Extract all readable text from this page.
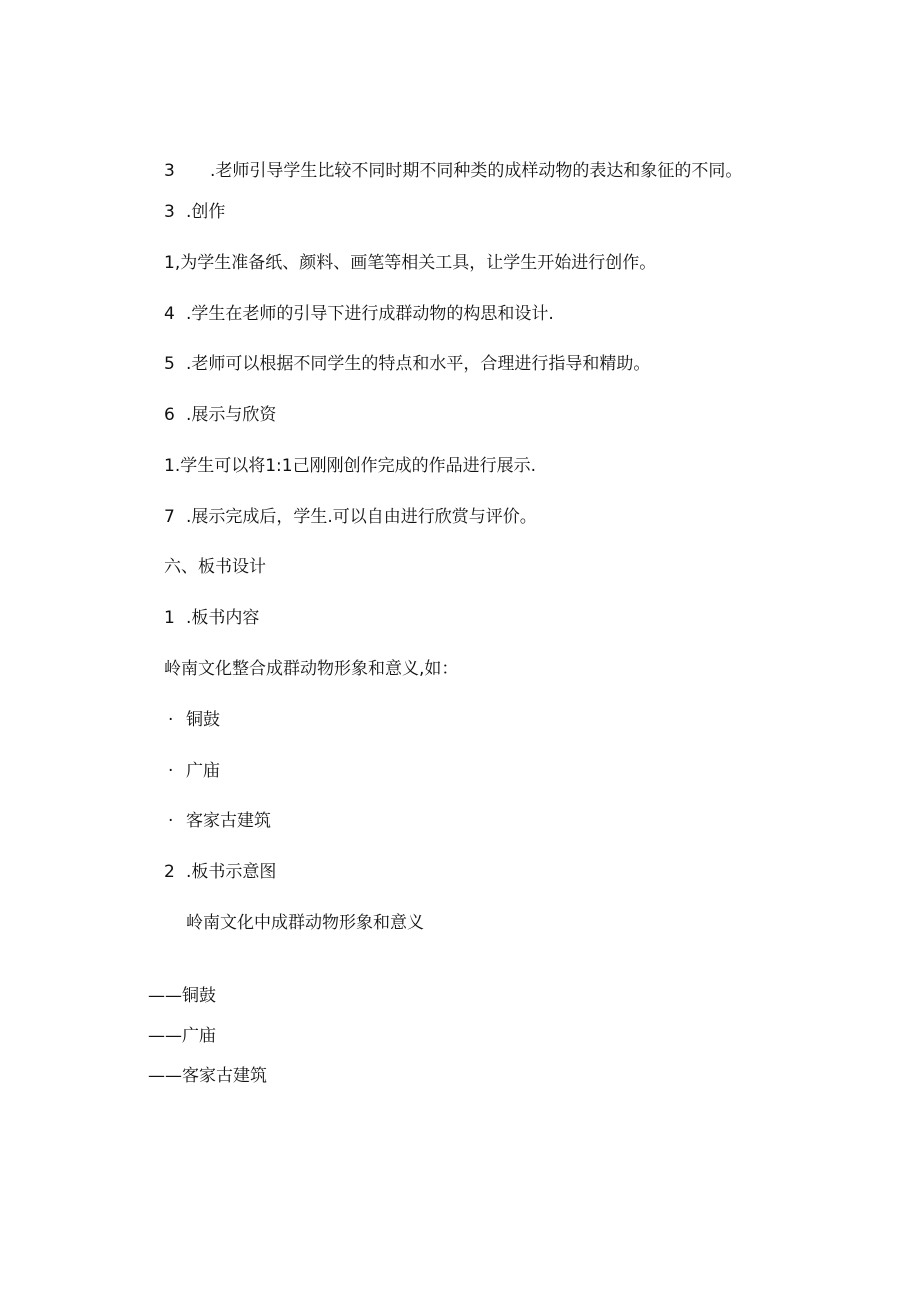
3 .老师引导学生比较不同时期不同种类的成样动物的表达和象征的不同。
3 .创作
1,为学生准备纸、颜料、画笔等相关工具，让学生开始进行创作。
4 .学生在老师的引导下进行成群动物的构思和设计.
5 .老师可以根据不同学生的特点和水平，合理进行指导和精助。
6 .展示与欣资
1.学生可以将1:1己刚刚创作完成的作品进行展示.
7 .展示完成后，学生.可以自由进行欣赏与评价。
六、板书设计
1 .板书内容
岭南文化整合成群动物形象和意义,如：
· 铜鼓
· 广庙
· 客家古建筑
2 .板书示意图
岭南文化中成群动物形象和意义
——铜鼓
——广庙
——客家古建筑
